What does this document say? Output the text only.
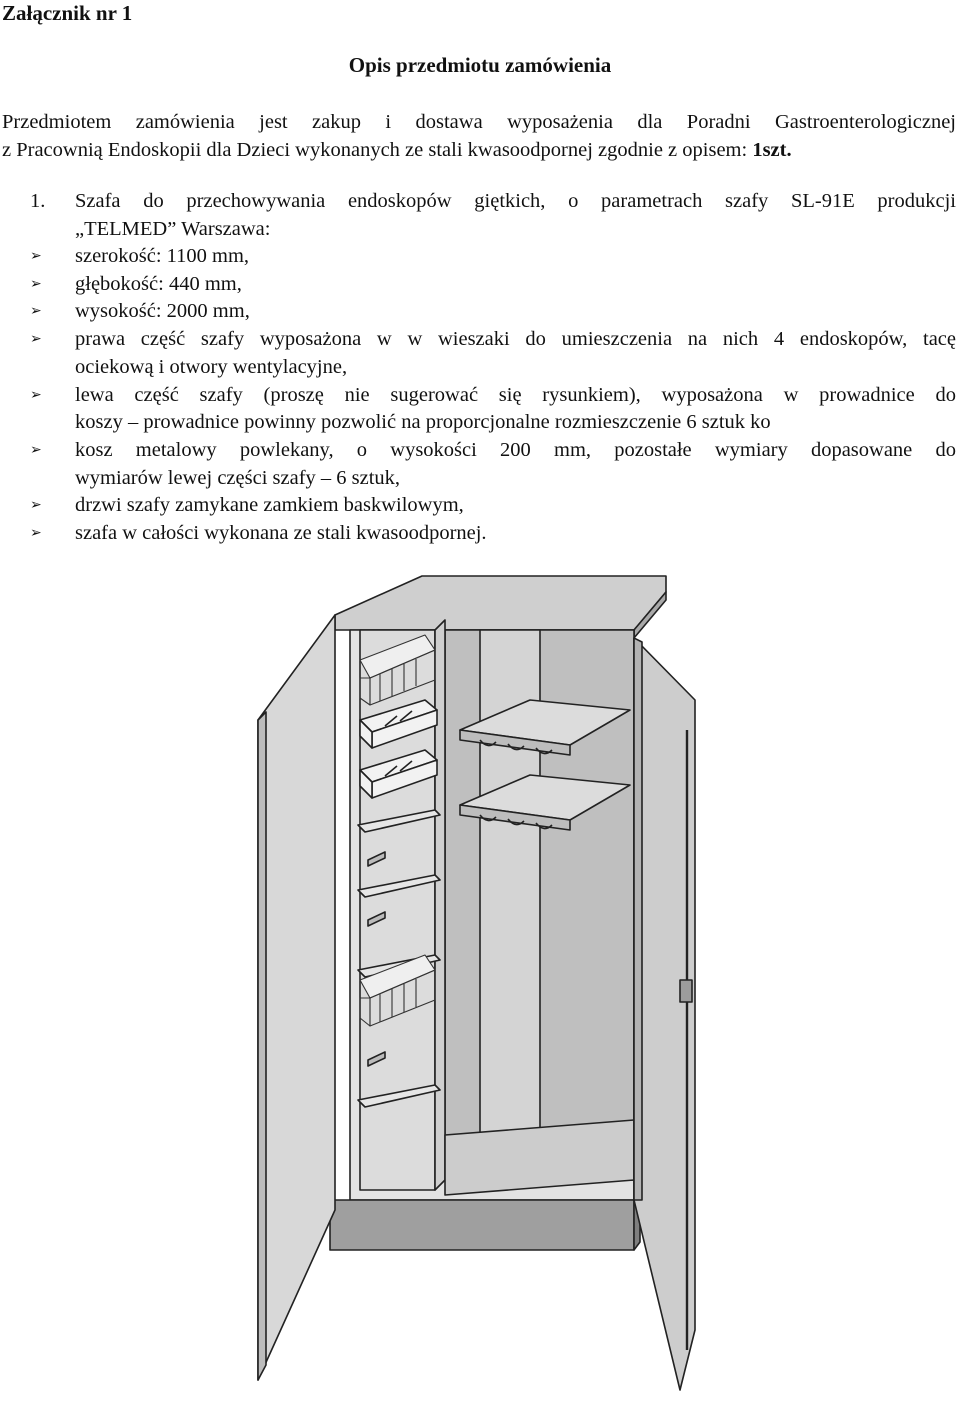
Załącznik nr 1
Opis przedmiotu zamówienia
Przedmiotem zamówienia jest zakup i dostawa wyposażenia dla Poradni Gastroenterologicznej
z Pracownią Endoskopii dla Dzieci wykonanych ze stali kwasoodpornej zgodnie z opisem: 1szt.
1. Szafa do przechowywania endoskopów giętkich, o parametrach szafy SL-91E produkcji
„TELMED” Warszawa:
➢	szerokość: 1100 mm,
➢	głębokość: 440 mm,
➢	wysokość: 2000 mm,
➢	prawa część szafy wyposażona w w wieszaki do umieszczenia na nich 4 endoskopów, tacę
ociekową i otwory wentylacyjne,
➢	lewa część szafy (proszę nie sugerować się rysunkiem), wyposażona w prowadnice do
koszy – prowadnice powinny pozwolić na proporcjonalne rozmieszczenie 6 sztuk ko
➢	kosz metalowy powlekany, o wysokości 200 mm, pozostałe wymiary dopasowane do
wymiarów lewej części szafy – 6 sztuk,
➢	drzwi szafy zamykane zamkiem baskwilowym,
➢	szafa w całości wykonana ze stali kwasoodpornej.
